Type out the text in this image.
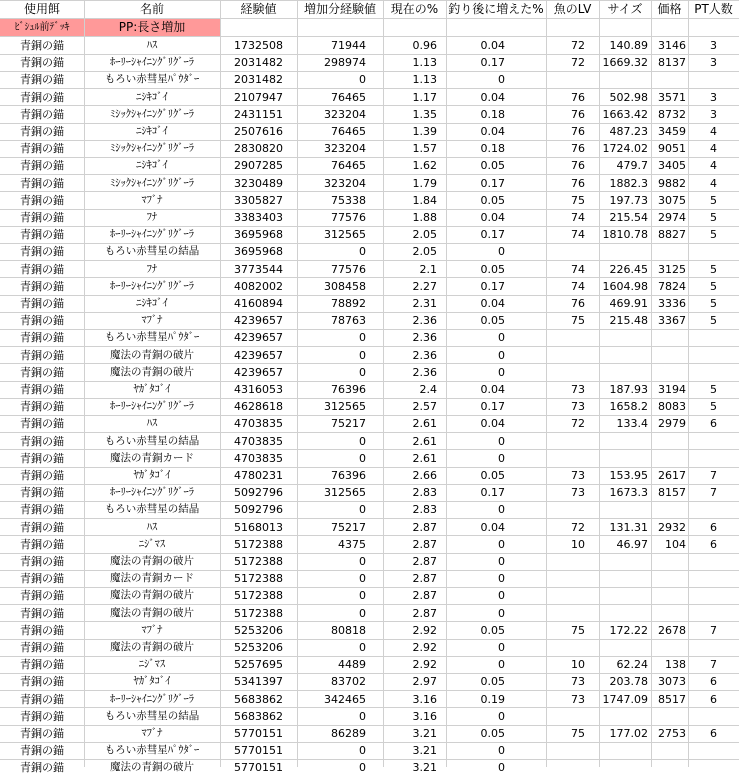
使用餌	名前	経験値	増加分経験値	現在の% 釣り後に増えた% 魚のLV	サイズ	価格	PT人数
ﾋﾞｼｭﾙ前ﾃﾞｯｷ	PP:長さ増加
青銅の錨	ﾊｽ	1732508	71944	0.96	0.04	72	140.89 3146	3
青銅の錨	ﾎｰﾘｰｼｬｲﾆﾝｸﾞﾘｸﾞｰﾗ	2031482	298974	1.13	0.17	72	1669.32 8137	3
青銅の錨	もろい赤彗星ﾊﾟｳﾀﾞｰ	2031482	0	1.13	0
青銅の錨	ﾆｼｷｺﾞｲ	2107947	76465	1.17	0.04	76	502.98 3571	3
青銅の錨	ﾐｼｯｸｼｬｲﾆﾝｸﾞﾘｸﾞｰﾗ	2431151	323204	1.35	0.18	76	1663.42 8732	3
青銅の錨	ﾆｼｷｺﾞｲ	2507616	76465	1.39	0.04	76	487.23 3459	4
青銅の錨	ﾐｼｯｸｼｬｲﾆﾝｸﾞﾘｸﾞｰﾗ	2830820	323204	1.57	0.18	76	1724.02 9051	4
青銅の錨	ﾆｼｷｺﾞｲ	2907285	76465	1.62	0.05	76	479.7 3405	4
青銅の錨	ﾐｼｯｸｼｬｲﾆﾝｸﾞﾘｸﾞｰﾗ	3230489	323204	1.79	0.17	76	1882.3 9882	4
青銅の錨	ﾏﾌﾞﾅ	3305827	75338	1.84	0.05	75	197.73 3075	5
青銅の錨	ﾌﾅ	3383403	77576	1.88	0.04	74	215.54 2974	5
青銅の錨	ﾎｰﾘｰｼｬｲﾆﾝｸﾞﾘｸﾞｰﾗ	3695968	312565	2.05	0.17	74	1810.78 8827	5
青銅の錨	もろい赤彗星の結晶	3695968	0	2.05	0
青銅の錨	ﾌﾅ	3773544	77576	2.1	0.05	74	226.45 3125	5
青銅の錨	ﾎｰﾘｰｼｬｲﾆﾝｸﾞﾘｸﾞｰﾗ	4082002	308458	2.27	0.17	74	1604.98 7824	5
青銅の錨	ﾆｼｷｺﾞｲ	4160894	78892	2.31	0.04	76	469.91 3336	5
青銅の錨	ﾏﾌﾞﾅ	4239657	78763	2.36	0.05	75	215.48 3367	5
青銅の錨	もろい赤彗星ﾊﾟｳﾀﾞｰ	4239657	0	2.36	0
青銅の錨	魔法の青銅の破片	4239657	0	2.36	0
青銅の錨	魔法の青銅の破片	4239657	0	2.36	0
青銅の錨	ﾔｶﾞﾀｺﾞｲ	4316053	76396	2.4	0.04	73	187.93 3194	5
青銅の錨	ﾎｰﾘｰｼｬｲﾆﾝｸﾞﾘｸﾞｰﾗ	4628618	312565	2.57	0.17	73	1658.2 8083	5
青銅の錨	ﾊｽ	4703835	75217	2.61	0.04	72	133.4 2979	6
青銅の錨	もろい赤彗星の結晶	4703835	0	2.61	0
青銅の錨	魔法の青銅カード	4703835	0	2.61	0
青銅の錨	ﾔｶﾞﾀｺﾞｲ	4780231	76396	2.66	0.05	73	153.95 2617	7
青銅の錨	ﾎｰﾘｰｼｬｲﾆﾝｸﾞﾘｸﾞｰﾗ	5092796	312565	2.83	0.17	73	1673.3 8157	7
青銅の錨	もろい赤彗星の結晶	5092796	0	2.83	0
青銅の錨	ﾊｽ	5168013	75217	2.87	0.04	72	131.31 2932	6
青銅の錨	ﾆｼﾞﾏｽ	5172388	4375	2.87	0	10	46.97	104	6
青銅の錨	魔法の青銅の破片	5172388	0	2.87	0
青銅の錨	魔法の青銅カード	5172388	0	2.87	0
青銅の錨	魔法の青銅の破片	5172388	0	2.87	0
青銅の錨	魔法の青銅の破片	5172388	0	2.87	0
青銅の錨	ﾏﾌﾞﾅ	5253206	80818	2.92	0.05	75	172.22 2678	7
青銅の錨	魔法の青銅の破片	5253206	0	2.92	0
青銅の錨	ﾆｼﾞﾏｽ	5257695	4489	2.92	0	10	62.24	138	7
青銅の錨	ﾔｶﾞﾀｺﾞｲ	5341397	83702	2.97	0.05	73	203.78 3073	6
青銅の錨	ﾎｰﾘｰｼｬｲﾆﾝｸﾞﾘｸﾞｰﾗ	5683862	342465	3.16	0.19	73	1747.09 8517	6
青銅の錨	もろい赤彗星の結晶	5683862	0	3.16	0
青銅の錨	ﾏﾌﾞﾅ	5770151	86289	3.21	0.05	75	177.02 2753	6
青銅の錨	もろい赤彗星ﾊﾟｳﾀﾞｰ	5770151	0	3.21	0
青銅の錨	魔法の青銅の破片	5770151	0	3.21	0
